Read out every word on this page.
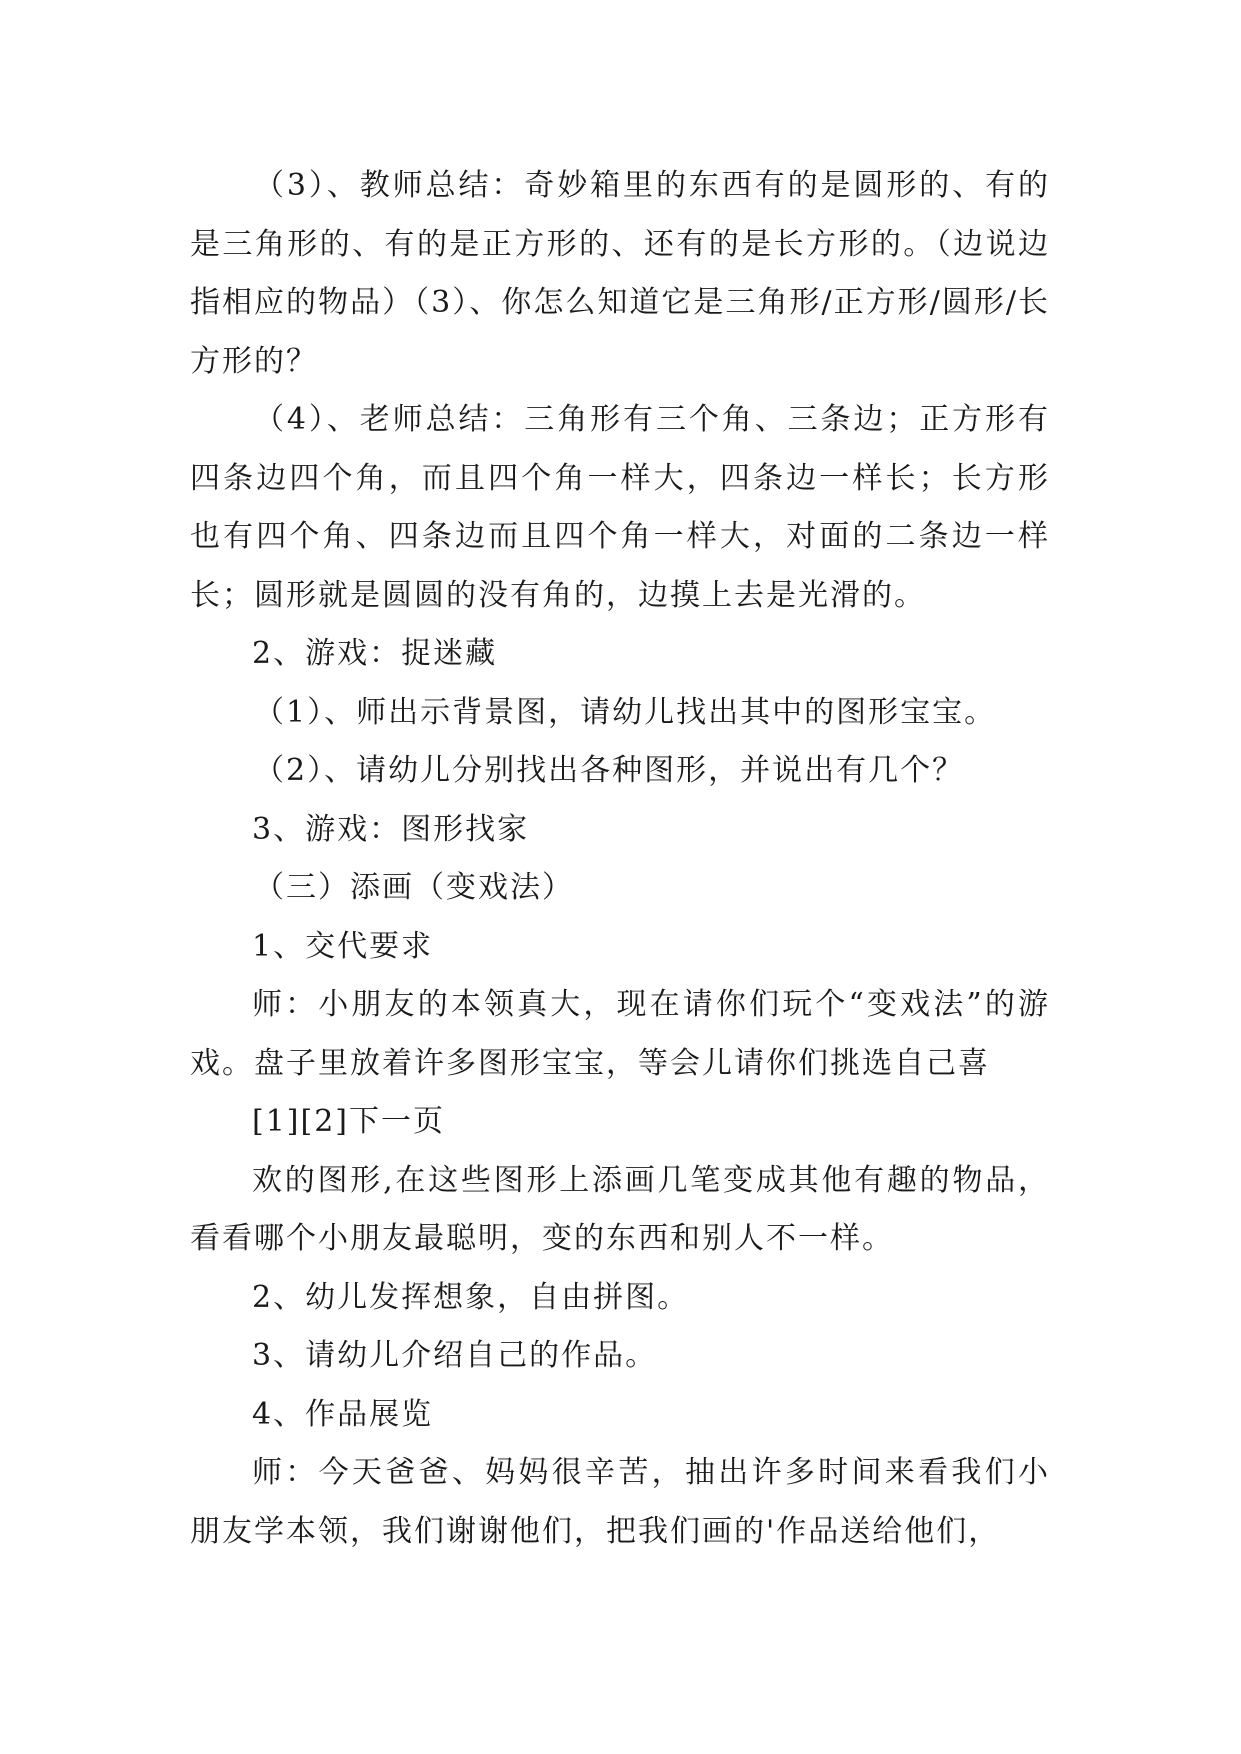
（3）、教师总结：奇妙箱里的东西有的是圆形的、有的是三角形的、有的是正方形的、还有的是长方形的。（边说边指相应的物品）（3）、你怎么知道它是三角形/正方形/圆形/长方形的？

（4）、老师总结：三角形有三个角、三条边；正方形有四条边四个角，而且四个角一样大，四条边一样长；长方形也有四个角、四条边而且四个角一样大，对面的二条边一样长；圆形就是圆圆的没有角的，边摸上去是光滑的。

2、游戏：捉迷藏

（1）、师出示背景图，请幼儿找出其中的图形宝宝。

（2）、请幼儿分别找出各种图形，并说出有几个？

3、游戏：图形找家

（三）添画（变戏法）

1、交代要求

师：小朋友的本领真大，现在请你们玩个“变戏法”的游戏。盘子里放着许多图形宝宝，等会儿请你们挑选自己喜

[1][2]下一页

欢的图形,在这些图形上添画几笔变成其他有趣的物品，看看哪个小朋友最聪明，变的东西和别人不一样。

2、幼儿发挥想象，自由拼图。

3、请幼儿介绍自己的作品。

4、作品展览

师：今天爸爸、妈妈很辛苦，抽出许多时间来看我们小朋友学本领，我们谢谢他们，把我们画的'作品送给他们，
